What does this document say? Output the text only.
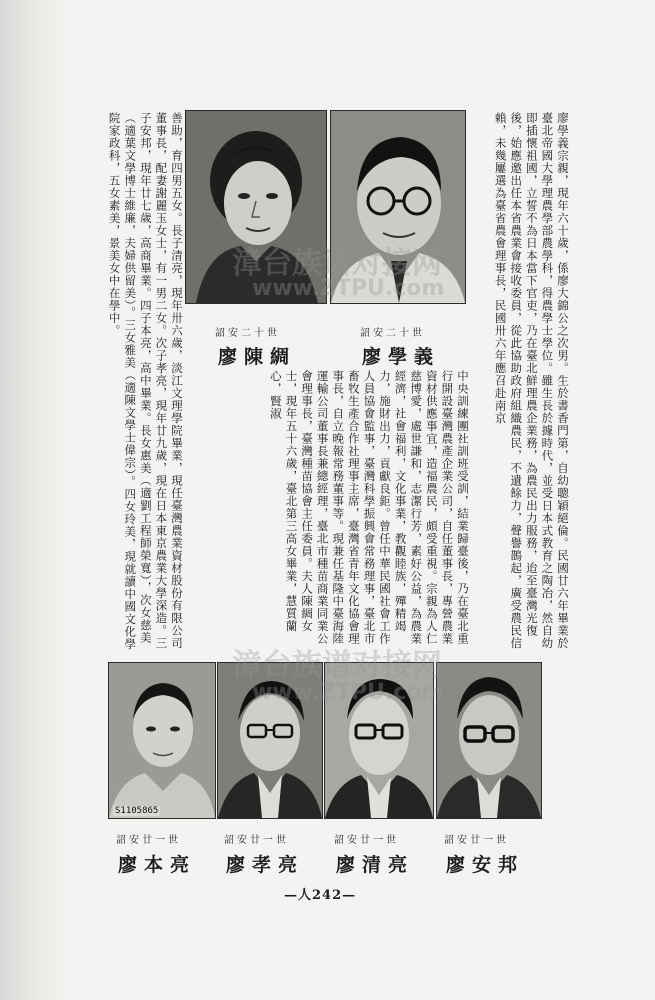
詔安二十世
廖陳綢
詔安二十世
廖學義	廖學義宗親，現年六十歲，係廖大錦公之次男。生於書香門第，自幼聰穎絕倫。民國廿六年畢業於臺北帝國大學理農學部農學科，得農學士學位。雖生長於據時代，並受日本式教育之陶冶，然自幼即插懷祖國，立誓不為日本當下官吏，乃在臺北鮮理農企業務，為農民出力服務，迨至臺灣光復後，始應邀出任本省農業會接收委員，從此協助政府組織農民，不遺餘力，聲譽鵲起，廣受農民信賴，未幾屢選為臺省農會理事長，民國卅六年應召赴南京
中央訓練團社訓班受訓，結業歸臺後，乃在臺北重行開設臺灣農產企業公司，自任董事長，專營農業資材供應事宜，造福農民，頗受重視。宗親為人仁慈博愛，處世謙和，志潔行芳，素好公益，為農業經濟，社會福利，文化事業，教觀睦族，殫精竭力，施財出力，貢獻良鉅。曾任中華民國社會工作人員協會監事，臺灣科學振興會常務理事，臺北市畜牧生產合作社理事主席，臺灣省青年文化協會理事長，自立晚報常務董事等。現兼任基隆中臺海陸運輸公司董事長兼總經理，臺北市種苗商業同業公會理事長，臺灣種苗協會主任委員。夫人陳綢女士，現年五十六歲，臺北第三高女畢業，慧質蘭心，賢淑
善助，育四男五女。長子清亮，現年卅六歲，淡江文理學院畢業，現任臺灣農業資材股份有限公司董事長，配妻謝麗玉女士，有一男二女。次子孝亮，現年廿九歲，現在日本東京農業大學深造。三子安邦，現年廿七歲，高商畢業。四子本亮，高中畢業。長女惠美（適劉工程師榮寬），次女慈美（適葉文學博士維廉，夫婦供留美）。三女雅美（適陳文學士偉宗）。四女玲美，現就讀中國文化學院家政科，五女素美，景美女中在學中。
S1105865
詔安廿一世
廖本亮
詔安廿一世
廖孝亮
詔安廿一世
廖清亮
詔安廿一世
廖安邦
—人242—
漳台族谱对接网
www.ZTPU.com
漳台族谱对接网
www.ZTPU.com
